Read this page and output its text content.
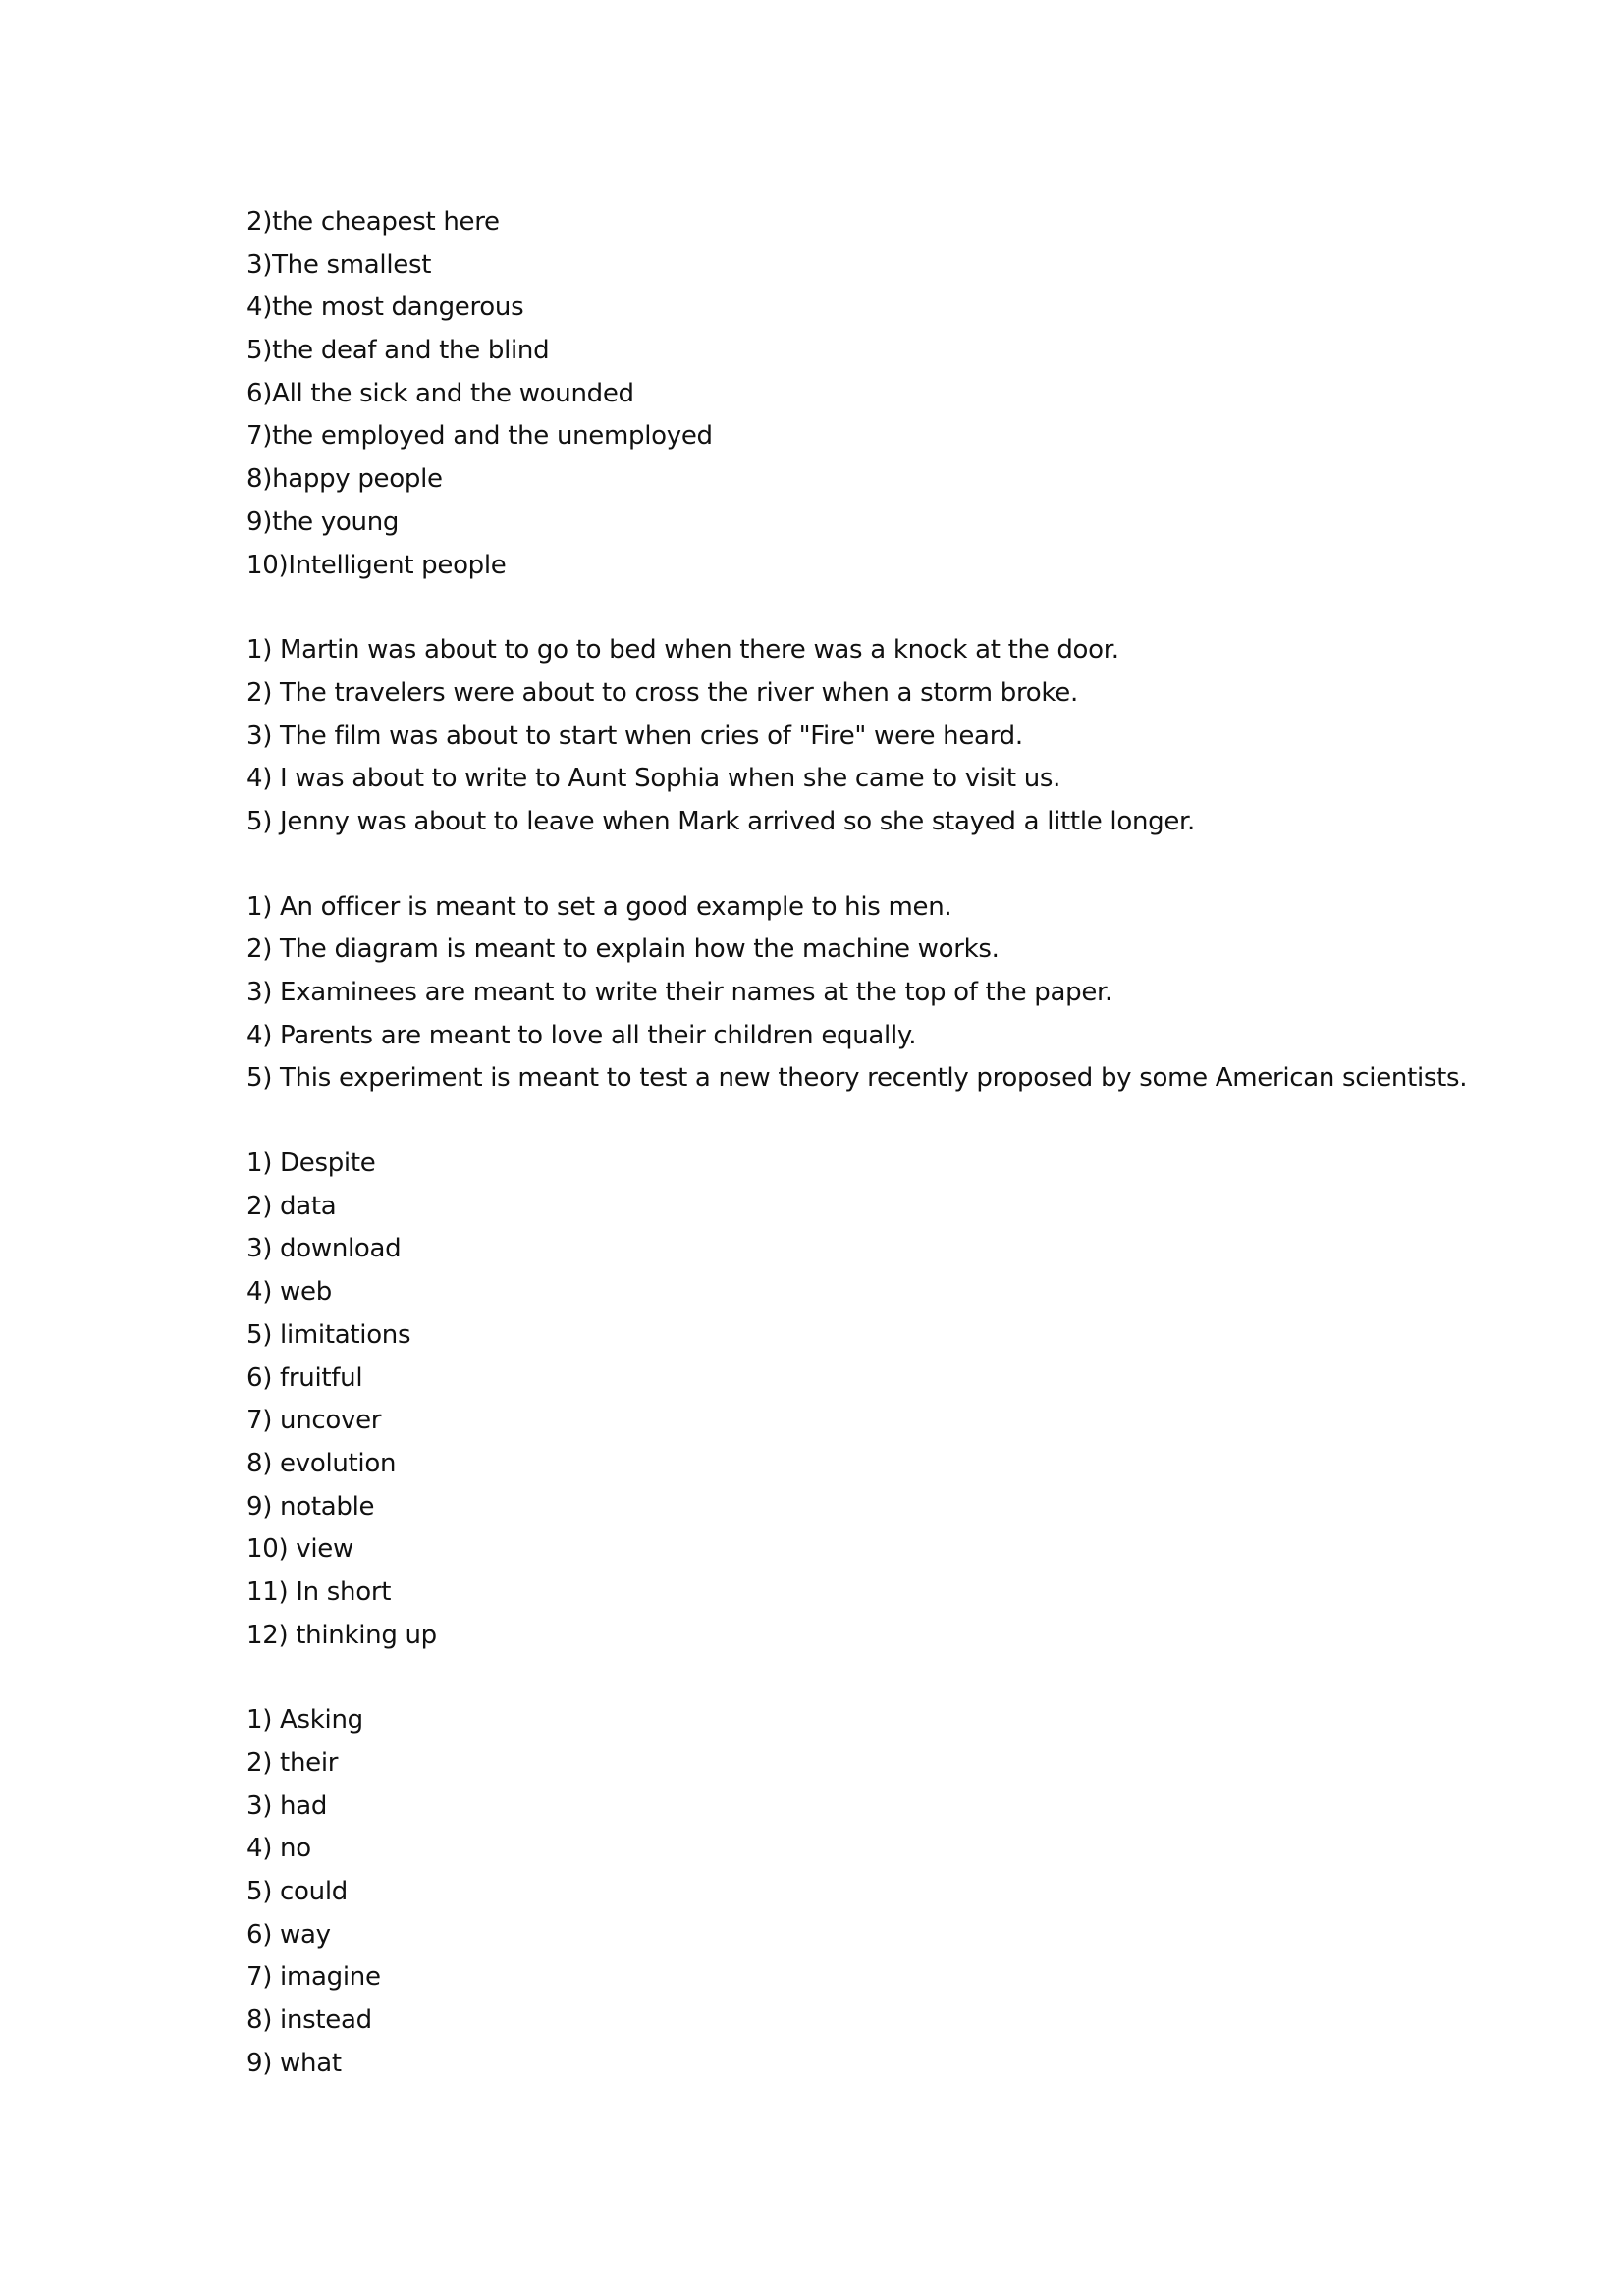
2)the cheapest here
3)The smallest
4)the most dangerous
5)the deaf and the blind
6)All the sick and the wounded
7)the employed and the unemployed
8)happy people
9)the young
10)Intelligent people
1) Martin was about to go to bed when there was a knock at the door.
2) The travelers were about to cross the river when a storm broke.
3) The film was about to start when cries of "Fire" were heard.
4) I was about to write to Aunt Sophia when she came to visit us.
5) Jenny was about to leave when Mark arrived so she stayed a little longer.
1) An officer is meant to set a good example to his men.
2) The diagram is meant to explain how the machine works.
3) Examinees are meant to write their names at the top of the paper.
4) Parents are meant to love all their children equally.
5) This experiment is meant to test a new theory recently proposed by some American scientists.
1) Despite
2) data
3) download
4) web
5) limitations
6) fruitful
7) uncover
8) evolution
9) notable
10) view
11) In short
12) thinking up
1) Asking
2) their
3) had
4) no
5) could
6) way
7) imagine
8) instead
9) what
